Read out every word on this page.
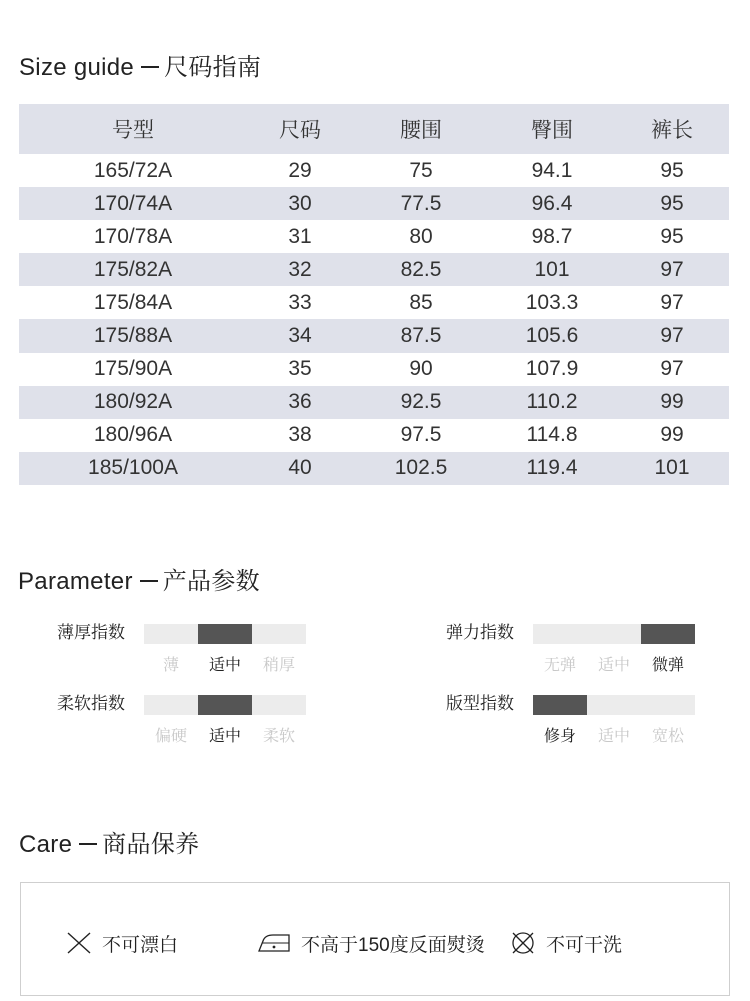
Size guide 尺码指南
号型	尺码	腰围	臀围	裤长
165/72A	29	75	94.1	95
170/74A	30	77.5	96.4	95
170/78A	31	80	98.7	95
175/82A	32	82.5	101	97
175/84A	33	85	103.3	97
175/88A	34	87.5	105.6	97
175/90A	35	90	107.9	97
180/92A	36	92.5	110.2	99
180/96A	38	97.5	114.8	99
185/100A	40	102.5	119.4	101
Parameter 产品参数
薄厚指数
薄	适中	稍厚
弹力指数
无弹	适中	微弹
柔软指数
偏硬	适中	柔软
版型指数
修身	适中	宽松
Care 商品保养
不可漂白	不高于150度反面熨烫	不可干洗
